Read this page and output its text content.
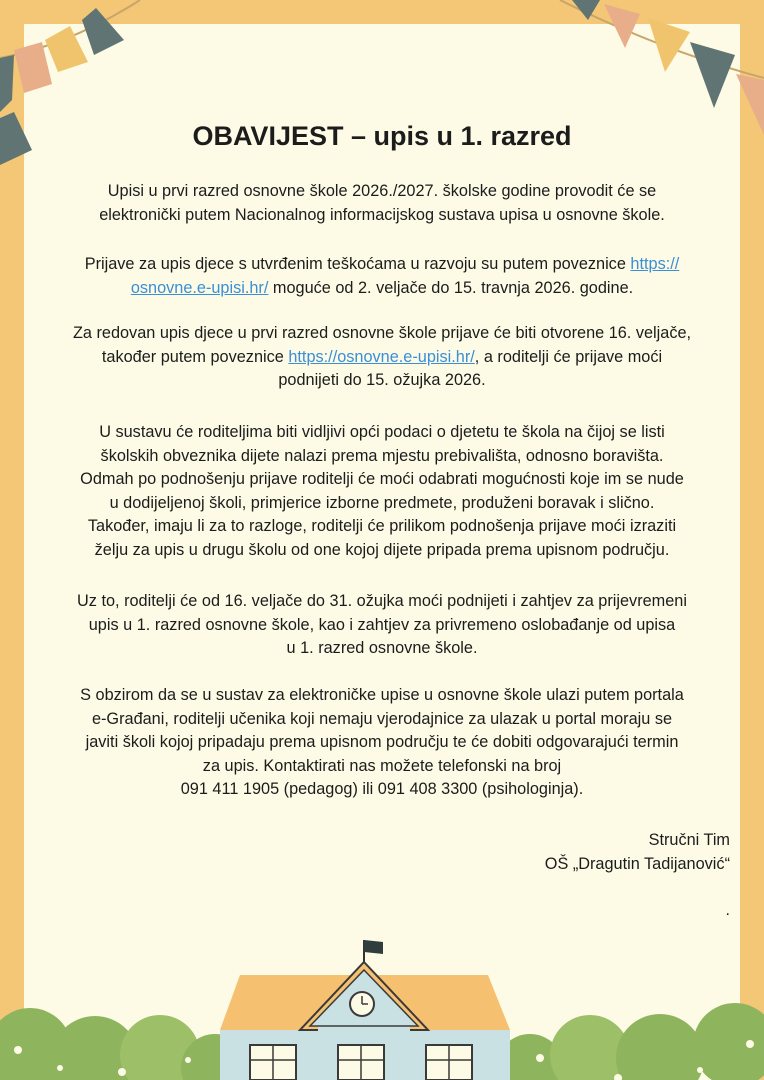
OBAVIJEST – upis u 1. razred

Upisi u prvi razred osnovne škole 2026./2027. školske godine provodit će se
elektronički putem Nacionalnog informacijskog sustava upisa u osnovne škole.

Prijave za upis djece s utvrđenim teškoćama u razvoju su putem poveznice https://
osnovne.e-upisi.hr/ moguće od 2. veljače do 15. travnja 2026. godine.

Za redovan upis djece u prvi razred osnovne škole prijave će biti otvorene 16. veljače,
također putem poveznice https://osnovne.e-upisi.hr/, a roditelji će prijave moći
podnijeti do 15. ožujka 2026.

U sustavu će roditeljima biti vidljivi opći podaci o djetetu te škola na čijoj se listi
školskih obveznika dijete nalazi prema mjestu prebivališta, odnosno boravišta.
Odmah po podnošenju prijave roditelji će moći odabrati mogućnosti koje im se nude
u dodijeljenoj školi, primjerice izborne predmete, produženi boravak i slično.
Također, imaju li za to razloge, roditelji će prilikom podnošenja prijave moći izraziti
želju za upis u drugu školu od one kojoj dijete pripada prema upisnom području.

Uz to, roditelji će od 16. veljače do 31. ožujka moći podnijeti i zahtjev za prijevremeni
upis u 1. razred osnovne škole, kao i zahtjev za privremeno oslobađanje od upisa
u 1. razred osnovne škole.

S obzirom da se u sustav za elektroničke upise u osnovne škole ulazi putem portala
e-Građani, roditelji učenika koji nemaju vjerodajnice za ulazak u portal moraju se
javiti školi kojoj pripadaju prema upisnom području te će dobiti odgovarajući termin
za upis. Kontaktirati nas možete telefonski na broj
091 411 1905 (pedagog) ili 091 408 3300 (psihologinja).

Stručni Tim
OŠ „Dragutin Tadijanović“

.
